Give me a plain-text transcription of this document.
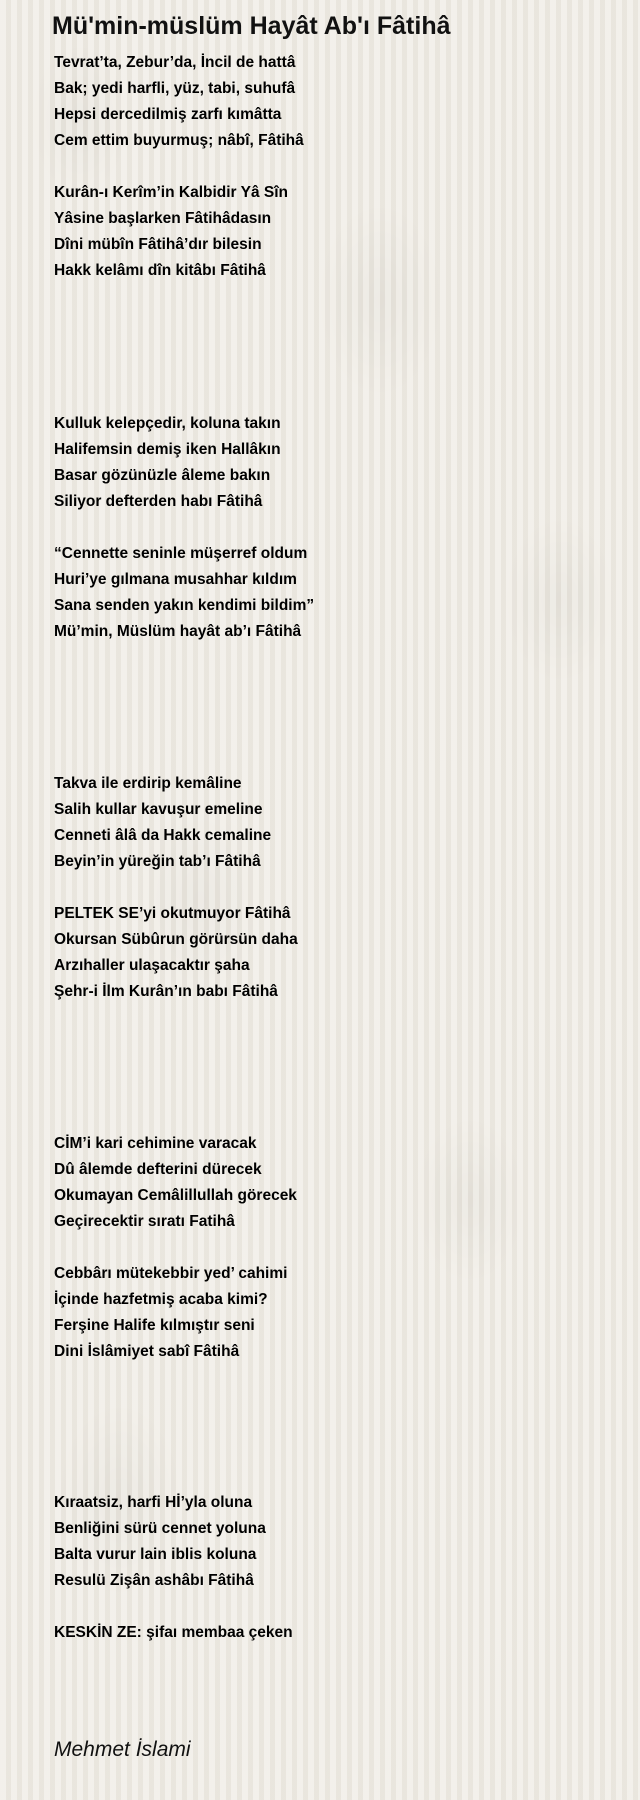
Mü'min-müslüm Hayât Ab'ı Fâtihâ
Tevrat’ta, Zebur’da, İncil de hattâ
Bak; yedi harfli, yüz, tabi, suhufâ
Hepsi dercedilmiş zarfı kımâtta
Cem ettim buyurmuş; nâbî, Fâtihâ
Kurân-ı Kerîm’in Kalbidir Yâ Sîn
Yâsine başlarken Fâtihâdasın
Dîni mübîn Fâtihâ’dır bilesin
Hakk kelâmı dîn kitâbı Fâtihâ
Kulluk kelepçedir, koluna takın
Halifemsin demiş iken Hallâkın
Basar gözünüzle âleme bakın
Siliyor defterden habı Fâtihâ
“Cennette seninle müşerref oldum
Huri’ye gılmana musahhar kıldım
Sana senden yakın kendimi bildim”
Mü’min, Müslüm hayât ab’ı Fâtihâ
Takva ile erdirip kemâline
Salih kullar kavuşur emeline
Cenneti âlâ da Hakk cemaline
Beyin’in yüreğin tab’ı Fâtihâ
PELTEK SE’yi okutmuyor Fâtihâ
Okursan Sübûrun görürsün daha
Arzıhaller ulaşacaktır şaha
Şehr-i İlm Kurân’ın babı Fâtihâ
CİM’i kari cehimine varacak
Dû âlemde defterini dürecek
Okumayan Cemâlillullah görecek
Geçirecektir sıratı Fatihâ
Cebbârı mütekebbir yed’ cahimi
İçinde hazfetmiş acaba kimi?
Ferşine Halife kılmıştır seni
Dini İslâmiyet sabî Fâtihâ
Kıraatsiz, harfi Hİ’yla oluna
Benliğini sürü cennet yoluna
Balta vurur lain iblis koluna
Resulü Zişân ashâbı Fâtihâ
KESKİN ZE: şifaı membaa çeken
Mehmet İslami
